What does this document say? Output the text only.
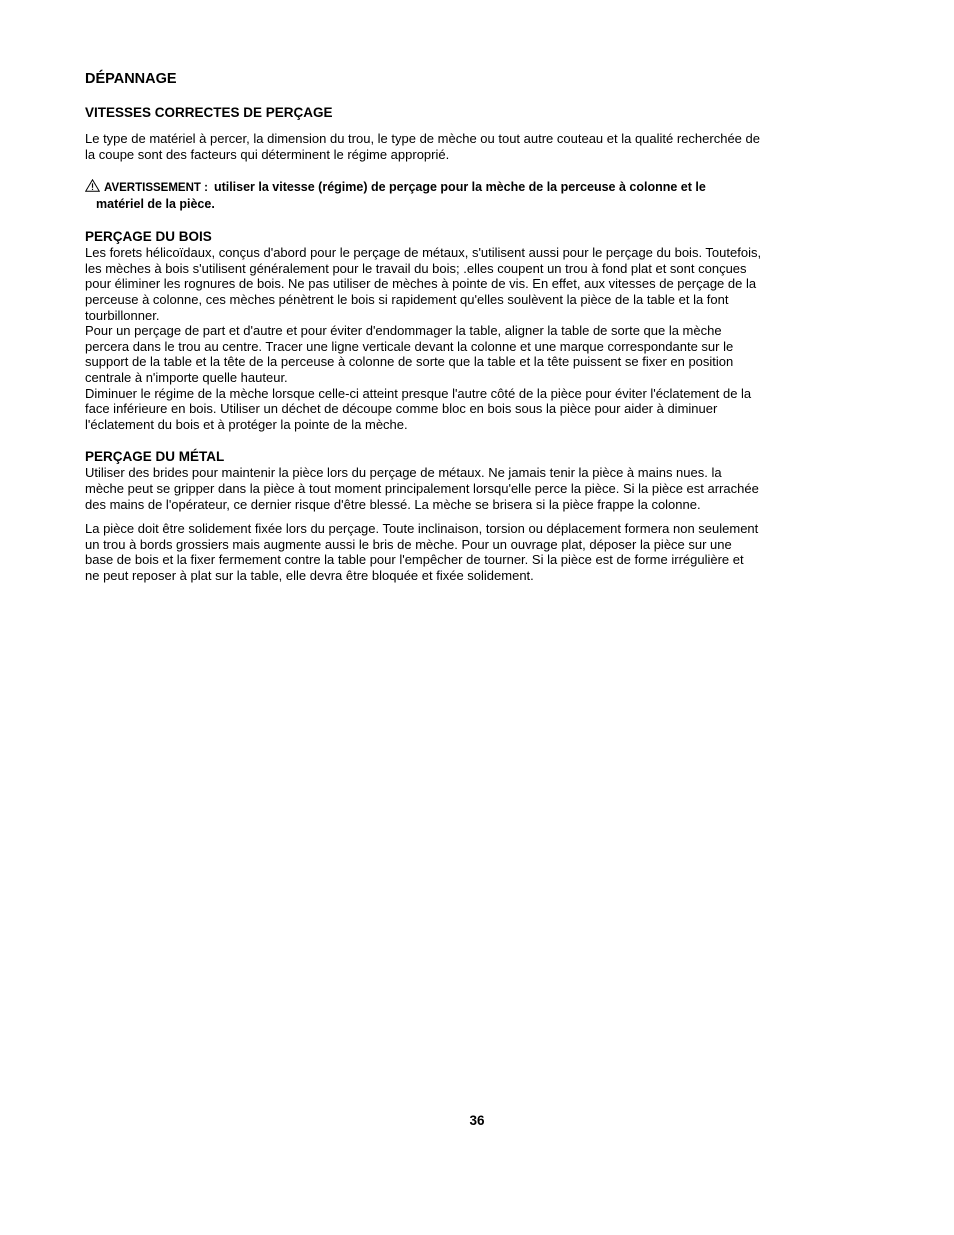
DÉPANNAGE
VITESSES CORRECTES DE PERÇAGE

Le type de matériel à percer, la dimension du trou, le type de mèche ou tout autre couteau et la qualité recherchée de
la coupe sont des facteurs qui déterminent le régime approprié.

AVERTISSEMENT : utiliser la vitesse (régime) de perçage pour la mèche de la perceuse à colonne et le
matériel de la pièce.
PERÇAGE DU BOIS

Les forets hélicoïdaux, conçus d'abord pour le perçage de métaux, s'utilisent aussi pour le perçage du bois. Toutefois,
les mèches à bois s'utilisent généralement pour le travail du bois; .elles coupent un trou à fond plat et sont conçues
pour éliminer les rognures de bois. Ne pas utiliser de mèches à pointe de vis. En effet, aux vitesses de perçage de la
perceuse à colonne, ces mèches pénètrent le bois si rapidement qu'elles soulèvent la pièce de la table et la font
tourbillonner.
Pour un perçage de part et d'autre et pour éviter d'endommager la table, aligner la table de sorte que la mèche
percera dans le trou au centre. Tracer une ligne verticale devant la colonne et une marque correspondante sur le
support de la table et la tête de la perceuse à colonne de sorte que la table et la tête puissent se fixer en position
centrale à n'importe quelle hauteur.
Diminuer le régime de la mèche lorsque celle-ci atteint presque l'autre côté de la pièce pour éviter l'éclatement de la
face inférieure en bois. Utiliser un déchet de découpe comme bloc en bois sous la pièce pour aider à diminuer
l'éclatement du bois et à protéger la pointe de la mèche.

PERÇAGE DU MÉTAL

Utiliser des brides pour maintenir la pièce lors du perçage de métaux. Ne jamais tenir la pièce à mains nues. la
mèche peut se gripper dans la pièce à tout moment principalement lorsqu'elle perce la pièce. Si la pièce est arrachée
des mains de l'opérateur, ce dernier risque d'être blessé. La mèche se brisera si la pièce frappe la colonne.

La pièce doit être solidement fixée lors du perçage. Toute inclinaison, torsion ou déplacement formera non seulement
un trou à bords grossiers mais augmente aussi le bris de mèche. Pour un ouvrage plat, déposer la pièce sur une
base de bois et la fixer fermement contre la table pour l'empêcher de tourner. Si la pièce est de forme irrégulière et
ne peut reposer à plat sur la table, elle devra être bloquée et fixée solidement.

36
